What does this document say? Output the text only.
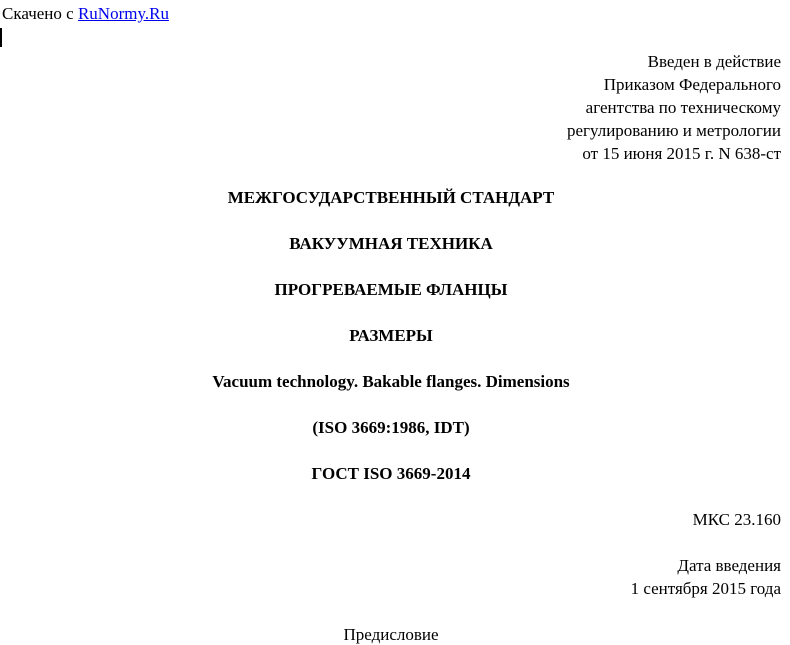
Скачено с RuNormy.Ru
Введен в действие
Приказом Федерального
агентства по техническому
регулированию и метрологии
от 15 июня 2015 г. N 638-ст
МЕЖГОСУДАРСТВЕННЫЙ СТАНДАРТ
ВАКУУМНАЯ ТЕХНИКА
ПРОГРЕВАЕМЫЕ ФЛАНЦЫ
РАЗМЕРЫ
Vacuum technology. Bakable flanges. Dimensions
(ISO 3669:1986, IDT)
ГОСТ ISO 3669-2014
МКС 23.160
Дата введения
1 сентября 2015 года
Предисловие
